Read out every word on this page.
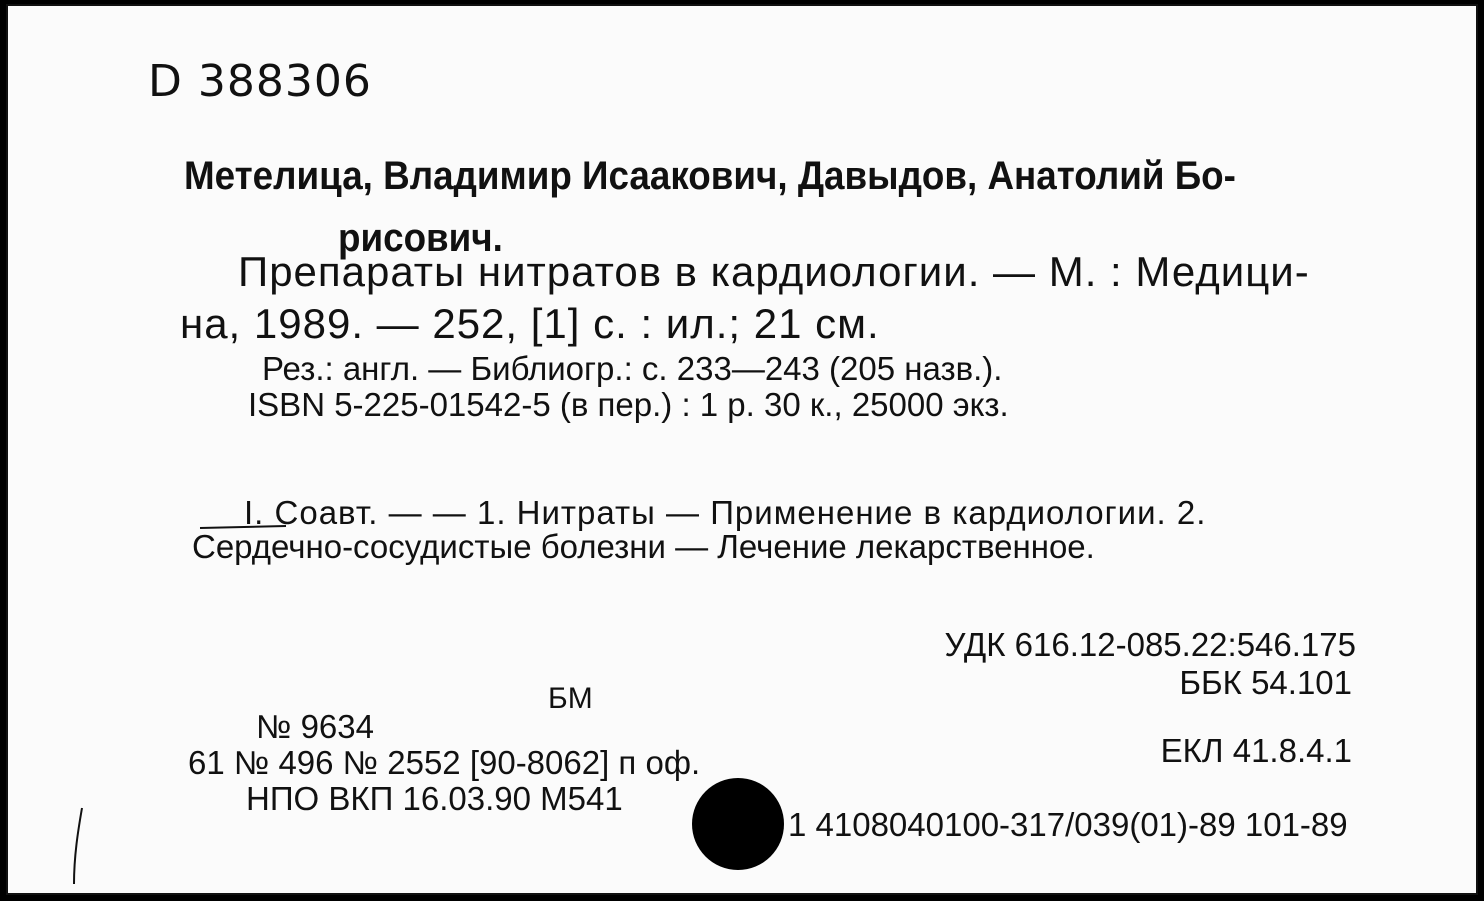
D 388306
Метелица, Владимир Исаакович, Давыдов, Анатолий Бо-
рисович.
Препараты нитратов в кардиологии. — М. : Медици-
на, 1989. — 252, [1] с. : ил.; 21 см.
Рез.: англ. — Библиогр.: с. 233—243 (205 назв.).
ISBN 5-225-01542-5 (в пер.) : 1 р. 30 к., 25000 экз.
I. Соавт. — — 1. Нитраты — Применение в кардиологии. 2.
Сердечно-сосудистые болезни — Лечение лекарственное.
УДК 616.12-085.22:546.175
ББК 54.101
БМ
№ 9634
ЕКЛ 41.8.4.1
61 № 496 № 2552 [90-8062] п оф.
НПО ВКП 16.03.90 М541
1 4108040100-317/039(01)-89 101-89
